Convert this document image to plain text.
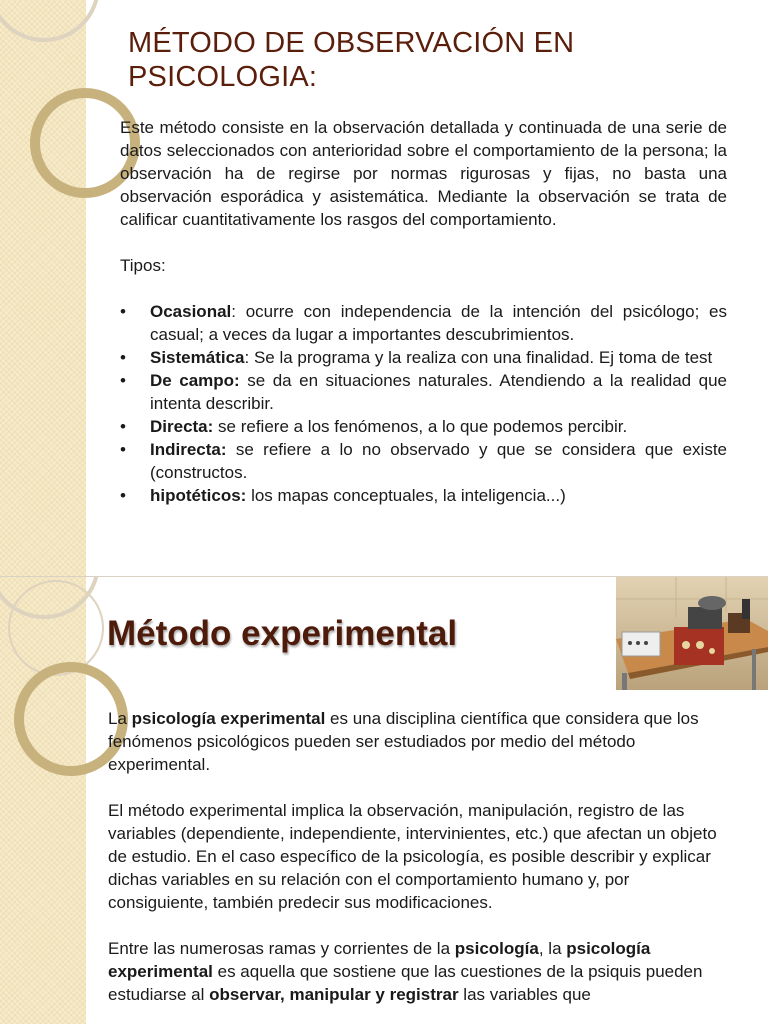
MÉTODO DE OBSERVACIÓN EN
PSICOLOGIA:

Este método consiste en la observación detallada y continuada de una serie de datos seleccionados con anterioridad sobre el comportamiento de la persona; la observación ha de regirse por normas rigurosas y fijas, no basta una observación esporádica y asistemática. Mediante la observación se trata de calificar cuantitativamente los rasgos del comportamiento.

Tipos:

• Ocasional: ocurre con independencia de la intención del psicólogo; es casual; a veces da lugar a importantes descubrimientos.
• Sistemática: Se la programa y la realiza con una finalidad. Ej toma de test
• De campo: se da en situaciones naturales. Atendiendo a la realidad que intenta describir.
• Directa: se refiere a los fenómenos, a lo que podemos percibir.
• Indirecta: se refiere a lo no observado y que se considera que existe (constructos.
• hipotéticos: los mapas conceptuales, la inteligencia...)
Método experimental

La psicología experimental es una disciplina científica que considera que los fenómenos psicológicos pueden ser estudiados por medio del método experimental.

El método experimental implica la observación, manipulación, registro de las variables (dependiente, independiente, intervinientes, etc.) que afectan un objeto de estudio. En el caso específico de la psicología, es posible describir y explicar dichas variables en su relación con el comportamiento humano y, por consiguiente, también predecir sus modificaciones.

Entre las numerosas ramas y corrientes de la psicología, la psicología experimental es aquella que sostiene que las cuestiones de la psiquis pueden estudiarse al observar, manipular y registrar las variables que
